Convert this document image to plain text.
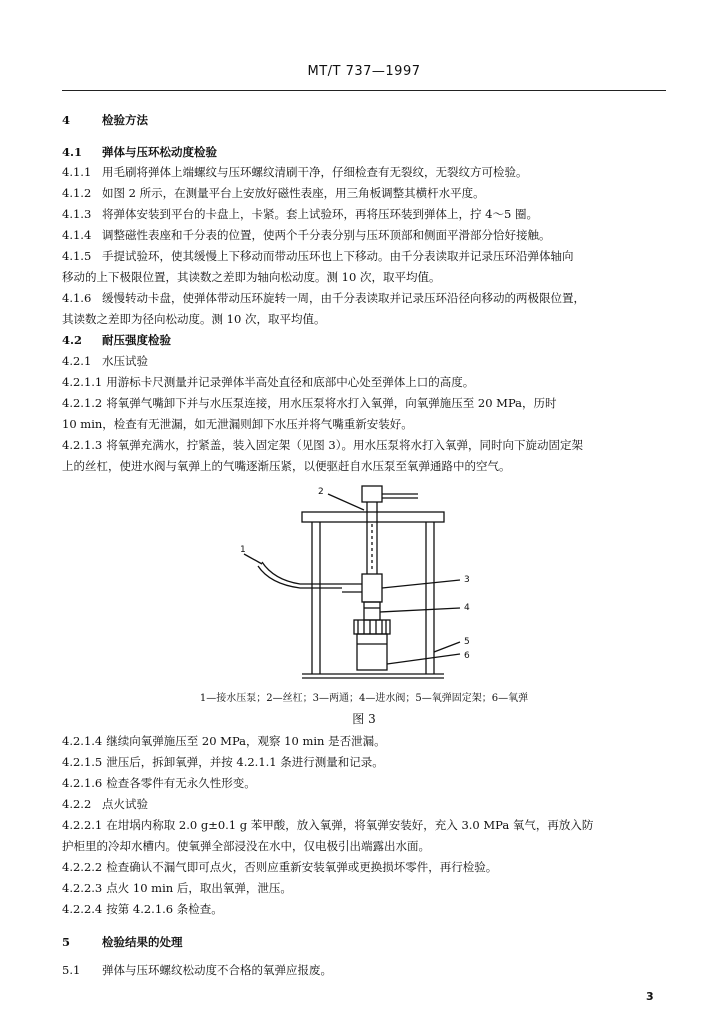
MT/T 737—1997
4	检验方法
4.1 弹体与压环松动度检验
4.1.1 用毛刷将弹体上端螺纹与压环螺纹清刷干净，仔细检查有无裂纹，无裂纹方可检验。
4.1.2 如图 2 所示，在测量平台上安放好磁性表座，用三角板调整其横杆水平度。
4.1.3 将弹体安装到平台的卡盘上，卡紧。套上试验环，再将压环装到弹体上，拧 4～5 圈。
4.1.4 调整磁性表座和千分表的位置，使两个千分表分别与压环顶部和侧面平滑部分恰好接触。
4.1.5 手提试验环，使其缓慢上下移动而带动压环也上下移动。由千分表读取并记录压环沿弹体轴向
移动的上下极限位置，其读数之差即为轴向松动度。测 10 次，取平均值。
4.1.6 缓慢转动卡盘，使弹体带动压环旋转一周，由千分表读取并记录压环沿径向移动的两极限位置，
其读数之差即为径向松动度。测 10 次，取平均值。
4.2 耐压强度检验
4.2.1 水压试验
4.2.1.1 用游标卡尺测量并记录弹体半高处直径和底部中心处至弹体上口的高度。
4.2.1.2 将氧弹气嘴卸下并与水压泵连接，用水压泵将水打入氧弹，向氧弹施压至 20 MPa，历时
10 min，检查有无泄漏，如无泄漏则卸下水压并将气嘴重新安装好。
4.2.1.3 将氧弹充满水，拧紧盖，装入固定架（见图 3）。用水压泵将水打入氧弹，同时向下旋动固定架
上的丝杠，使进水阀与氧弹上的气嘴逐渐压紧，以便驱赶自水压泵至氧弹通路中的空气。
1
2
3
4
5
6
1—接水压泵；2—丝杠；3—两通；4—进水阀；5—氧弹固定架；6—氧弹
图 3
4.2.1.4 继续向氧弹施压至 20 MPa，观察 10 min 是否泄漏。
4.2.1.5 泄压后，拆卸氧弹，并按 4.2.1.1 条进行测量和记录。
4.2.1.6 检查各零件有无永久性形变。
4.2.2 点火试验
4.2.2.1 在坩埚内称取 2.0 g±0.1 g 苯甲酸，放入氧弹，将氧弹安装好，充入 3.0 MPa 氧气，再放入防
护柜里的冷却水槽内。使氧弹全部浸没在水中，仅电极引出端露出水面。
4.2.2.2 检查确认不漏气即可点火，否则应重新安装氧弹或更换损坏零件，再行检验。
4.2.2.3 点火 10 min 后，取出氧弹，泄压。
4.2.2.4 按第 4.2.1.6 条检查。
5	检验结果的处理
5.1 弹体与压环螺纹松动度不合格的氧弹应报废。
3
